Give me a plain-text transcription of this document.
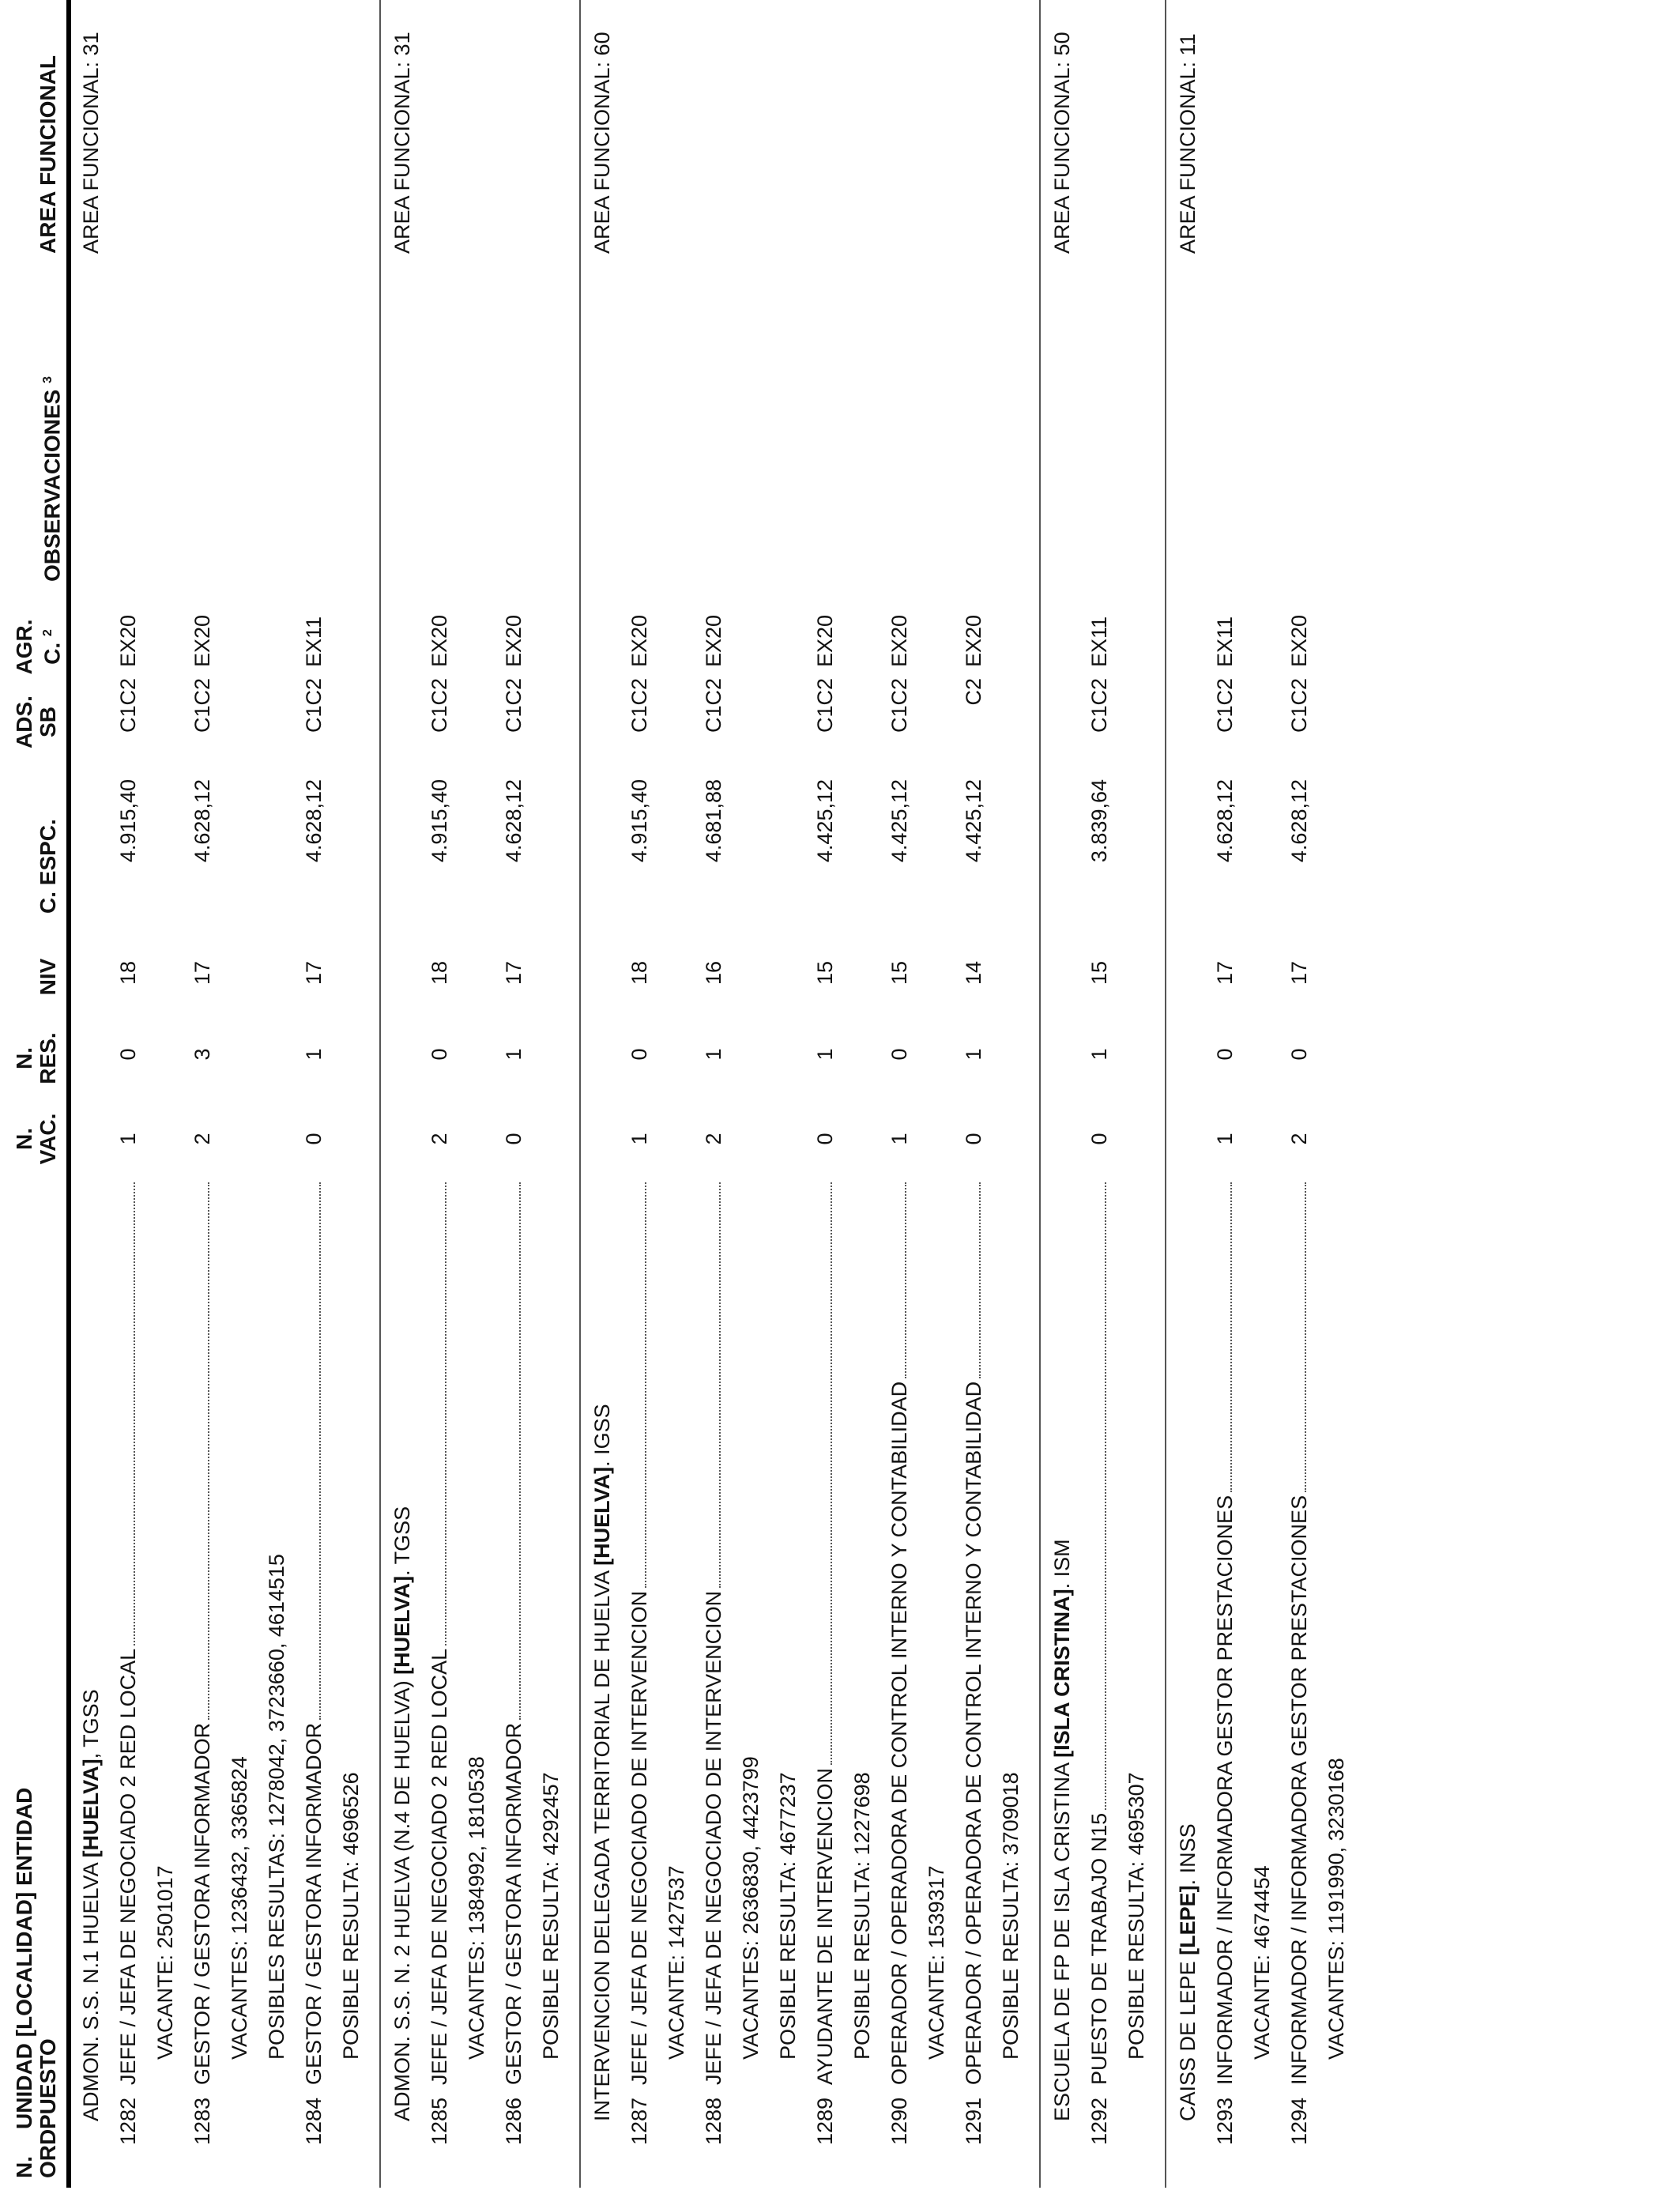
N. ORD.
UNIDAD [LOCALIDAD] ENTIDAD PUESTO
N. VAC.
N. RES.
NIV
C. ESPC.
ADS. SB
AGR. C. $^2$
OBSERVACIONES $^3$
AREA FUNCIONAL
ADMON. S.S. N.1 HUELVA [HUELVA], TGSS
AREA FUNCIONAL: 31
1282
JEFE / JEFA DE NEGOCIADO 2 RED LOCAL
1
0
18
4.915,40
C1C2
EX20
VACANTE: 2501017
1283
GESTOR / GESTORA INFORMADOR
2
3
17
4.628,12
C1C2
EX20
VACANTES: 1236432, 3365824 POSIBLES RESULTAS: 1278042, 3723660, 4614515
1284
GESTOR / GESTORA INFORMADOR
0
1
17
4.628,12
C1C2
EX11
POSIBLE RESULTA: 4696526 ADMON. S.S. N. 2 HUELVA (N.4 DE HUELVA) [HUELVA]. TGSS
AREA FUNCIONAL: 31
1285
JEFE / JEFA DE NEGOCIADO 2 RED LOCAL
2
0
18
4.915,40
C1C2
EX20
VACANTES: 1384992, 1810538
1286
GESTOR / GESTORA INFORMADOR
0
1
17
4.628,12
C1C2
EX20
POSIBLE RESULTA: 4292457 INTERVENCION DELEGADA TERRITORIAL DE HUELVA [HUELVA]. IGSS
AREA FUNCIONAL: 60
1287
JEFE / JEFA DE NEGOCIADO DE INTERVENCION
1
0
18
4.915,40
C1C2
EX20
VACANTE: 1427537
1288
JEFE / JEFA DE NEGOCIADO DE INTERVENCION
2
1
16
4.681,88
C1C2
EX20
VACANTES: 2636830, 4423799 POSIBLE RESULTA: 4677237
1289
AYUDANTE DE INTERVENCION
0
1
15
4.425,12
C1C2
EX20
POSIBLE RESULTA: 1227698
1290
OPERADOR / OPERADORA DE CONTROL INTERNO Y CONTABILIDAD
1
0
15
4.425,12
C1C2
EX20
VACANTE: 1539317
1291
OPERADOR / OPERADORA DE CONTROL INTERNO Y CONTABILIDAD
0
1
14
4.425,12
C2
EX20
POSIBLE RESULTA: 3709018 ESCUELA DE FP DE ISLA CRISTINA [ISLA CRISTINA]. ISM
AREA FUNCIONAL: 50
1292
PUESTO DE TRABAJO N15
0
1
15
3.839,64
C1C2
EX11
POSIBLE RESULTA: 4695307 CAISS DE LEPE [LEPE]. INSS
AREA FUNCIONAL: 11
1293
INFORMADOR / INFORMADORA GESTOR PRESTACIONES
1
0
17
4.628,12
C1C2
EX11
VACANTE: 4674454
1294
INFORMADOR / INFORMADORA GESTOR PRESTACIONES
2
0
17
4.628,12
C1C2
EX20
VACANTES: 1191990, 3230168
